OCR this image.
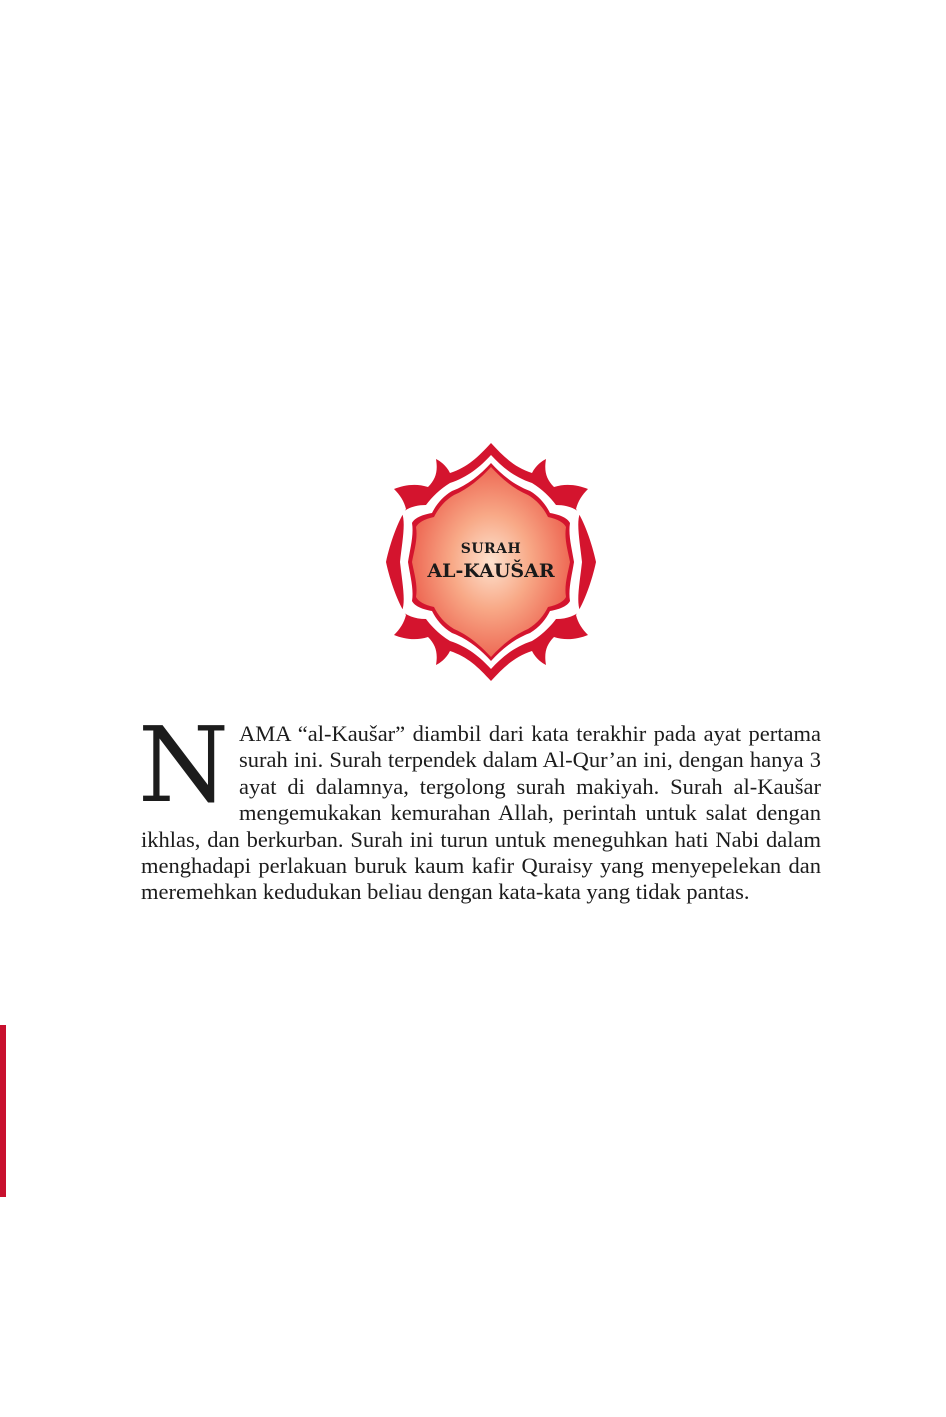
SURAH
AL-KAUŠAR
NAMA “al-Kaušar” diambil dari kata terakhir pada ayat pertama surah ini. Surah terpendek dalam Al-Qur’an ini, dengan hanya 3 ayat di dalamnya, tergolong surah makiyah. Surah al-Kaušar mengemukakan kemurahan Allah, perintah untuk salat dengan ikhlas, dan berkurban. Surah ini turun untuk meneguhkan hati Nabi dalam menghadapi perlakuan buruk kaum kafir Quraisy yang menyepelekan dan meremehkan kedudukan beliau dengan kata-kata yang tidak pantas.
